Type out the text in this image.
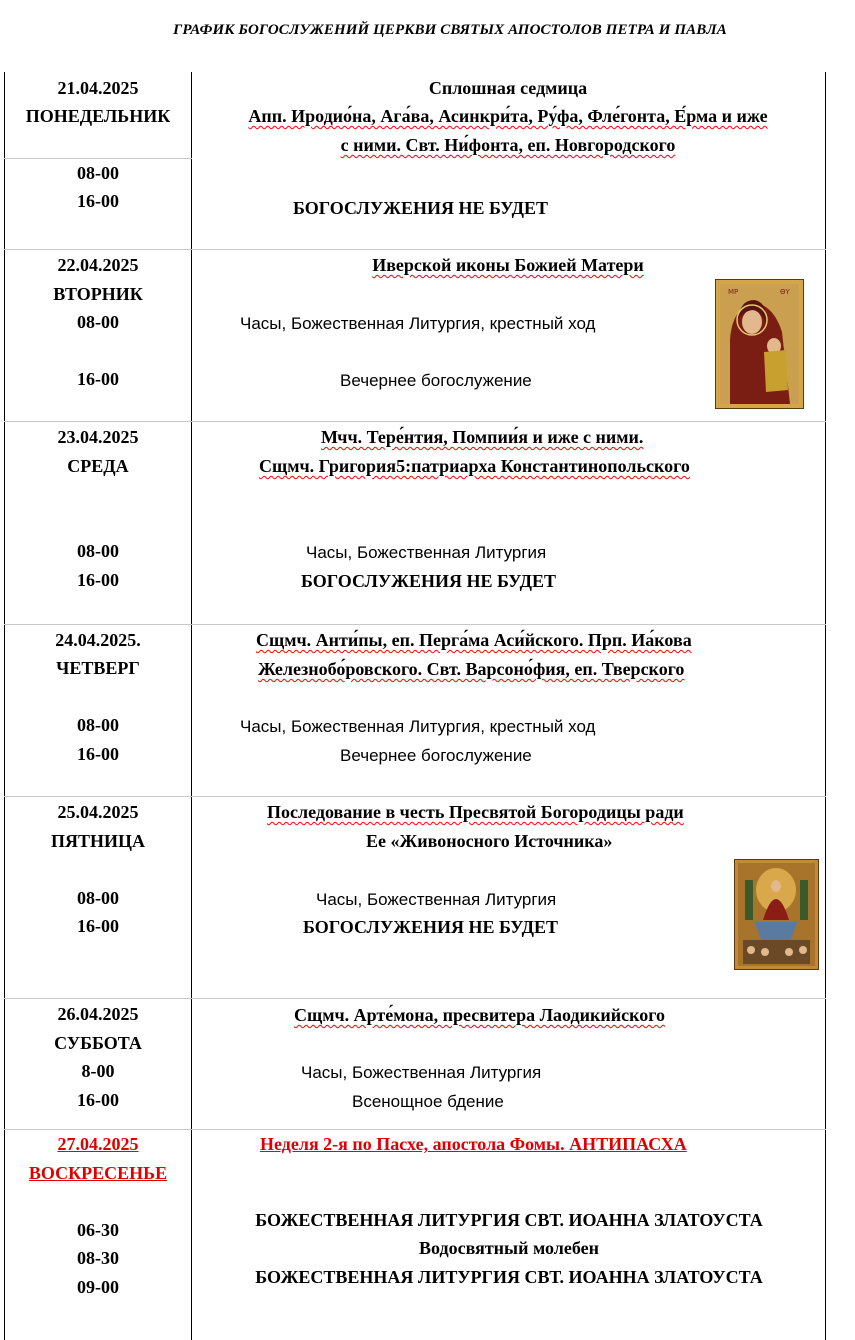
ГРАФИК БОГОСЛУЖЕНИЙ ЦЕРКВИ СВЯТЫХ АПОСТОЛОВ ПЕТРА И ПАВЛА
21.04.2025
ПОНЕДЕЛЬНИК
08-00
16-00
Сплошная седмица
Апп. Иродио́на, Ага́ва, Асинкри́та, Ру́фа, Фле́гонта, Е́рма и иже
с ними. Свт. Ни́фонта, еп. Новгородского
БОГОСЛУЖЕНИЯ НЕ БУДЕТ
22.04.2025
ВТОРНИК
08-00
16-00
Иверской иконы Божией Матери
Часы, Божественная Литургия, крестный ход
Вечернее богослужение
ΜΡ	ΘΥ
23.04.2025
СРЕДА
08-00
16-00
Мчч. Тере́нтия, Помпии́я и иже с ними.
Сщмч. Григория5:патриарха Константинопольского
Часы, Божественная Литургия
БОГОСЛУЖЕНИЯ НЕ БУДЕТ
24.04.2025.
ЧЕТВЕРГ
08-00
16-00
Сщмч. Анти́пы, еп. Перга́ма Аси́йского. Прп. Иа́кова
Железнобо́ровского. Свт. Варсоно́фия, еп. Тверского
Часы, Божественная Литургия, крестный ход
Вечернее богослужение
25.04.2025
ПЯТНИЦА
08-00
16-00
Последование в честь Пресвятой Богородицы ради
Ее «Живоносного Источника»
Часы, Божественная Литургия
БОГОСЛУЖЕНИЯ НЕ БУДЕТ
26.04.2025
СУББОТА
8-00
16-00
Сщмч. Арте́мона, пресвитера Лаодикийского
Часы, Божественная Литургия
Всенощное бдение
27.04.2025
ВОСКРЕСЕНЬЕ
06-30
08-30
09-00
Неделя 2-я по Пасхе, апостола Фомы. АНТИПАСХА
БОЖЕСТВЕННАЯ ЛИТУРГИЯ СВТ. ИОАННА ЗЛАТОУСТА
Водосвятный молебен
БОЖЕСТВЕННАЯ ЛИТУРГИЯ СВТ. ИОАННА ЗЛАТОУСТА
